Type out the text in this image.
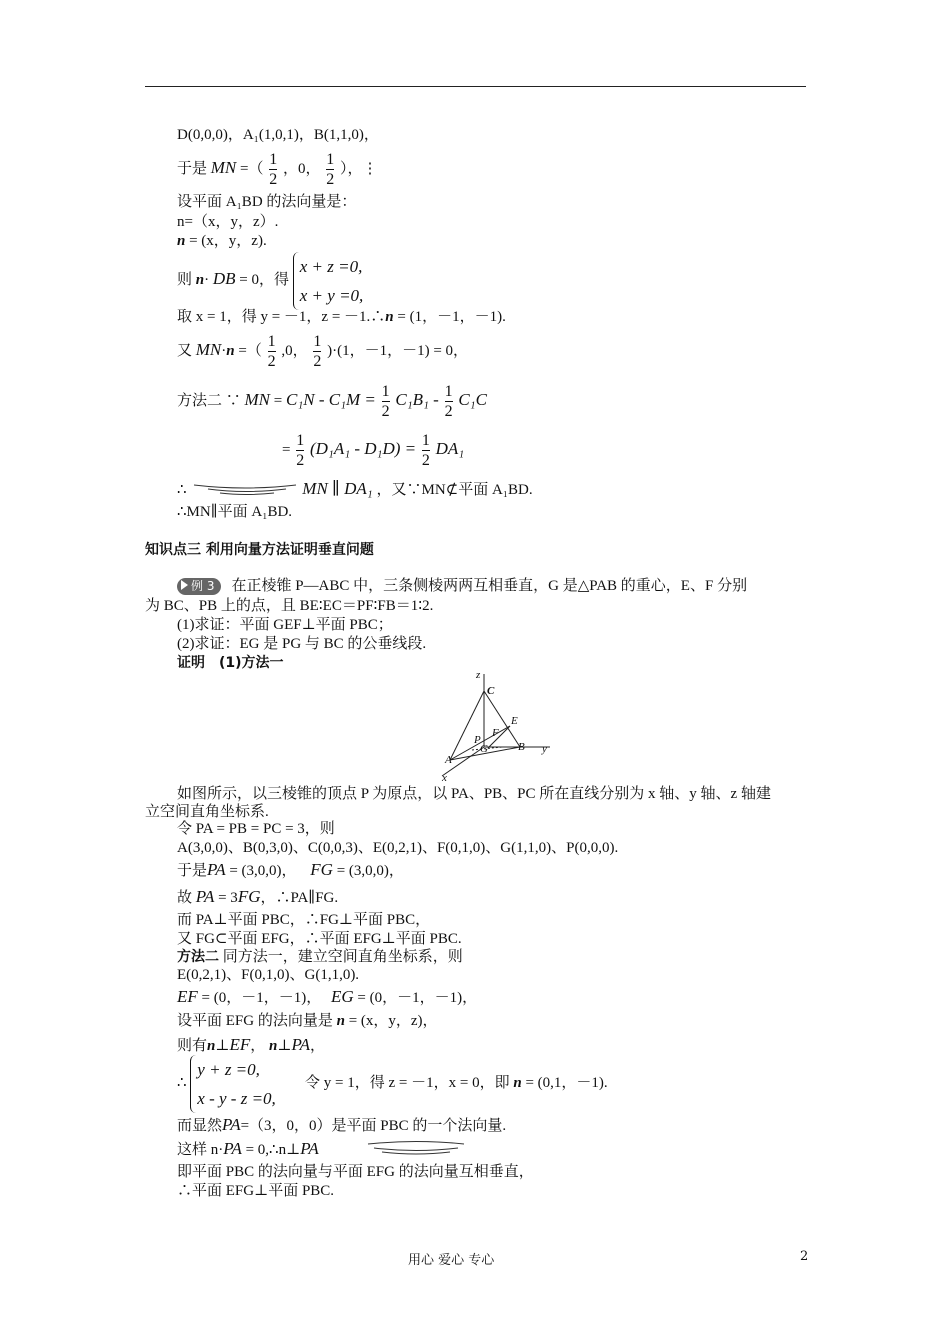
D(0,0,0)，A₁(1,0,1)，B(1,1,0)，
于是 MN =（ $\frac{1}{2}$ ，0， $\frac{1}{2}$ ），⋮
设平面 A₁BD 的法向量是：
n=（x，y，z）.
n = (x，y，z).
则 n· DB = 0，得
x + z =0,
x + y =0,
取 x = 1，得 y = －1，z = －1.∴n = (1，－1，－1).
又 MN·n =（ $\frac{1}{2} ,0$， $\frac{1}{2} )\cdot(1$，－1，－1) = 0，
方法二 ∵ MN = $C_1N - C_1M = \frac{1}{2} C_1B_1 - \frac{1}{2} C_1C$
= $\frac{1}{2} (D_1A_1 - D_1D) = \frac{1}{2} DA_1$
∴	MN ∥ DA₁ ，又∵MN⊄平面 A₁BD.
∴MN∥平面 A₁BD.
知识点三 利用向量方法证明垂直问题
例 3 在正棱锥 P—ABC 中，三条侧棱两两互相垂直，G 是△PAB 的重心，E、F 分别
为 BC、PB 上的点，且 BE∶EC＝PF∶FB＝1∶2.
(1)求证：平面 GEF⊥平面 PBC；
(2)求证：EG 是 PG 与 BC 的公垂线段.
证明　(1)方法一
z
y
x
C
E
F
P
G	B
A
如图所示，以三棱锥的顶点 P 为原点，以 PA、PB、PC 所在直线分别为 x 轴、y 轴、z 轴建
立空间直角坐标系.
令 PA = PB = PC = 3，则
A(3,0,0)、B(0,3,0)、C(0,0,3)、E(0,2,1)、F(0,1,0)、G(1,1,0)、P(0,0,0).
于是PA = (3,0,0)， FG = (3,0,0)，
故 PA = 3FG，∴PA∥FG.
而 PA⊥平面 PBC，∴FG⊥平面 PBC，
又 FG⊂平面 EFG，∴平面 EFG⊥平面 PBC.
方法二 同方法一，建立空间直角坐标系，则
E(0,2,1)、F(0,1,0)、G(1,1,0).
EF = (0，－1，－1)， EG = (0，－1，－1)，
设平面 EFG 的法向量是 n = (x，y，z)，
则有n⊥EF， n⊥PA，
∴
y + z =0,
x - y - z =0,
令 y = 1，得 z = －1，x = 0，即 n = (0,1，－1).
而显然PA=（3，0，0）是平面 PBC 的一个法向量.
这样 n·PA = 0,∴n⊥PA
即平面 PBC 的法向量与平面 EFG 的法向量互相垂直，
∴平面 EFG⊥平面 PBC.
用心 爱心 专心	2
